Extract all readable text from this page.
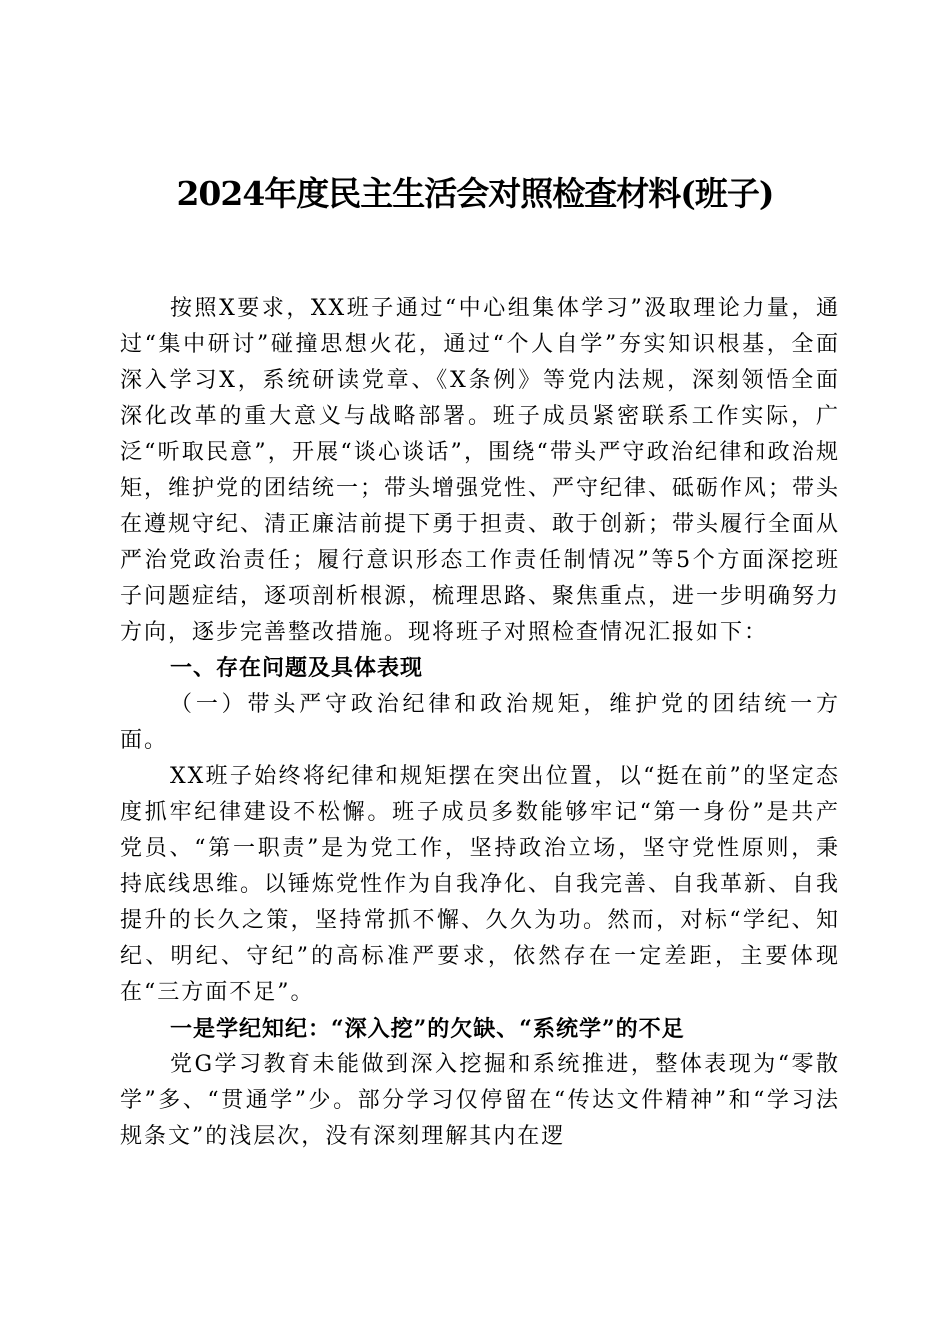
2024年度民主生活会对照检查材料(班子)

按照X要求，XX班子通过“中心组集体学习”汲取理论力量，通过“集中研讨”碰撞思想火花，通过“个人自学”夯实知识根基，全面深入学习X，系统研读党章、《X条例》等党内法规，深刻领悟全面深化改革的重大意义与战略部署。班子成员紧密联系工作实际，广泛“听取民意”，开展“谈心谈话”，围绕“带头严守政治纪律和政治规矩，维护党的团结统一；带头增强党性、严守纪律、砥砺作风；带头在遵规守纪、清正廉洁前提下勇于担责、敢于创新；带头履行全面从严治党政治责任；履行意识形态工作责任制情况”等5个方面深挖班子问题症结，逐项剖析根源，梳理思路、聚焦重点，进一步明确努力方向，逐步完善整改措施。现将班子对照检查情况汇报如下：

一、存在问题及具体表现

（一）带头严守政治纪律和政治规矩，维护党的团结统一方面。

XX班子始终将纪律和规矩摆在突出位置，以“挺在前”的坚定态度抓牢纪律建设不松懈。班子成员多数能够牢记“第一身份”是共产党员、“第一职责”是为党工作，坚持政治立场，坚守党性原则，秉持底线思维。以锤炼党性作为自我净化、自我完善、自我革新、自我提升的长久之策，坚持常抓不懈、久久为功。然而，对标“学纪、知纪、明纪、守纪”的高标准严要求，依然存在一定差距，主要体现在“三方面不足”。

一是学纪知纪：“深入挖”的欠缺、“系统学”的不足

党G学习教育未能做到深入挖掘和系统推进，整体表现为“零散学”多、“贯通学”少。部分学习仅停留在“传达文件精神”和“学习法规条文”的浅层次，没有深刻理解其内在逻
